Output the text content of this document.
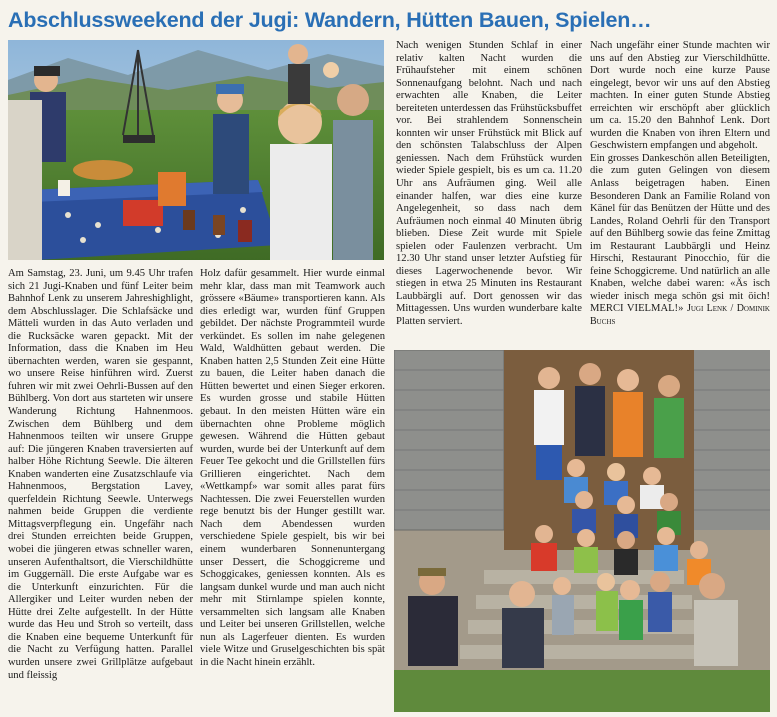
Abschlussweekend der Jugi: Wandern, Hütten Bauen, Spielen…

Am Samstag, 23. Juni, um 9.45 Uhr trafen sich 21 Jugi-Knaben und fünf Leiter beim Bahnhof Lenk zu unserem Jahreshighlight, dem Abschlusslager. Die Schlafsäcke und Mätteli wurden in das Auto verladen und die Rucksäcke waren gepackt. Mit der Information, dass die Knaben im Heu übernachten werden, waren sie gespannt, wo unsere Reise hinführen wird. Zuerst fuhren wir mit zwei Oehrli-Bussen auf den Bühlberg. Von dort aus starteten wir unsere Wanderung Richtung Hahnenmoos. Zwischen dem Bühlberg und dem Hahnenmoos teilten wir unsere Gruppe auf: Die jüngeren Knaben traversierten auf halber Höhe Richtung Seewle. Die älteren Knaben wanderten eine Zusatzschlaufe via Hahnenmoos, Bergstation Lavey, querfeldein Richtung Seewle. Unterwegs nahmen beide Gruppen die verdiente Mittagsverpflegung ein. Ungefähr nach drei Stunden erreichten beide Gruppen, wobei die jüngeren etwas schneller waren, unseren Aufenthaltsort, die Vierschildhütte im Guggernäll. Die erste Aufgabe war es die Unterkunft einzurichten. Für die Allergiker und Leiter wurden neben der Hütte drei Zelte aufgestellt. In der Hütte wurde das Heu und Stroh so verteilt, dass die Knaben eine bequeme Unterkunft für die Nacht zu Verfügung hatten. Parallel wurden unsere zwei Grillplätze aufgebaut und fleissig

Holz dafür gesammelt. Hier wurde einmal mehr klar, dass man mit Teamwork auch grössere «Bäume» transportieren kann. Als dies erledigt war, wurden fünf Gruppen gebildet. Der nächste Programmteil wurde verkündet. Es sollen im nahe gelegenen Wald, Waldhütten gebaut werden. Die Knaben hatten 2,5 Stunden Zeit eine Hütte zu bauen, die Leiter haben danach die Hütten bewertet und einen Sieger erkoren. Es wurden grosse und stabile Hütten gebaut. In den meisten Hütten wäre ein übernachten ohne Probleme möglich gewesen. Während die Hütten gebaut wurden, wurde bei der Unterkunft auf dem Feuer Tee gekocht und die Grillstellen fürs Grillieren eingerichtet. Nach dem «Wettkampf» war somit alles parat fürs Nachtessen. Die zwei Feuerstellen wurden rege benutzt bis der Hunger gestillt war. Nach dem Abendessen wurden verschiedene Spiele gespielt, bis wir bei einem wunderbaren Sonnenuntergang unser Dessert, die Schoggicreme und Schoggicakes, geniessen konnten. Als es langsam dunkel wurde und man auch nicht mehr mit Stirnlampe spielen konnte, versammelten sich langsam alle Knaben und Leiter bei unseren Grillstellen, welche nun als Lagerfeuer dienten. Es wurden viele Witze und Gruselgeschichten bis spät in die Nacht hinein erzählt.

Nach wenigen Stunden Schlaf in einer relativ kalten Nacht wurden die Frühaufsteher mit einem schönen Sonnenaufgang belohnt. Nach und nach erwachten alle Knaben, die Leiter bereiteten unterdessen das Frühstücksbuffet vor. Bei strahlendem Sonnenschein konnten wir unser Frühstück mit Blick auf den schönsten Talabschluss der Alpen geniessen. Nach dem Frühstück wurden wieder Spiele gespielt, bis es um ca. 11.20 Uhr ans Aufräumen ging. Weil alle einander halfen, war dies eine kurze Angelegenheit, so dass nach dem Aufräumen noch einmal 40 Minuten übrig blieben. Diese Zeit wurde mit Spiele spielen oder Faulenzen verbracht. Um 12.30 Uhr stand unser letzter Aufstieg für dieses Lagerwochenende bevor. Wir stiegen in etwa 25 Minuten ins Restaurant Laubbärgli auf. Dort genossen wir das Mittagessen. Uns wurden wunderbare kalte Platten serviert.

Nach ungefähr einer Stunde machten wir uns auf den Abstieg zur Vierschildhütte. Dort wurde noch eine kurze Pause eingelegt, bevor wir uns auf den Abstieg machten. In einer guten Stunde Abstieg erreichten wir erschöpft aber glücklich um ca. 15.20 den Bahnhof Lenk. Dort wurden die Knaben von ihren Eltern und Geschwistern empfangen und abgeholt.

Ein grosses Dankeschön allen Beteiligten, die zum guten Gelingen von diesem Anlass beigetragen haben. Einen Besonderen Dank an Familie Roland von Känel für das Benützen der Hütte und des Landes, Roland Oehrli für den Transport auf den Bühlberg sowie das feine Zmittag im Restaurant Laubbärgli und Heinz Hirschi, Restaurant Pinocchio, für die feine Schoggicreme. Und natürlich an alle Knaben, welche dabei waren: «Äs isch wieder inisch mega schön gsi mit öich! MERCI VIELMAL!» Jugi Lenk / Dominik Buchs
